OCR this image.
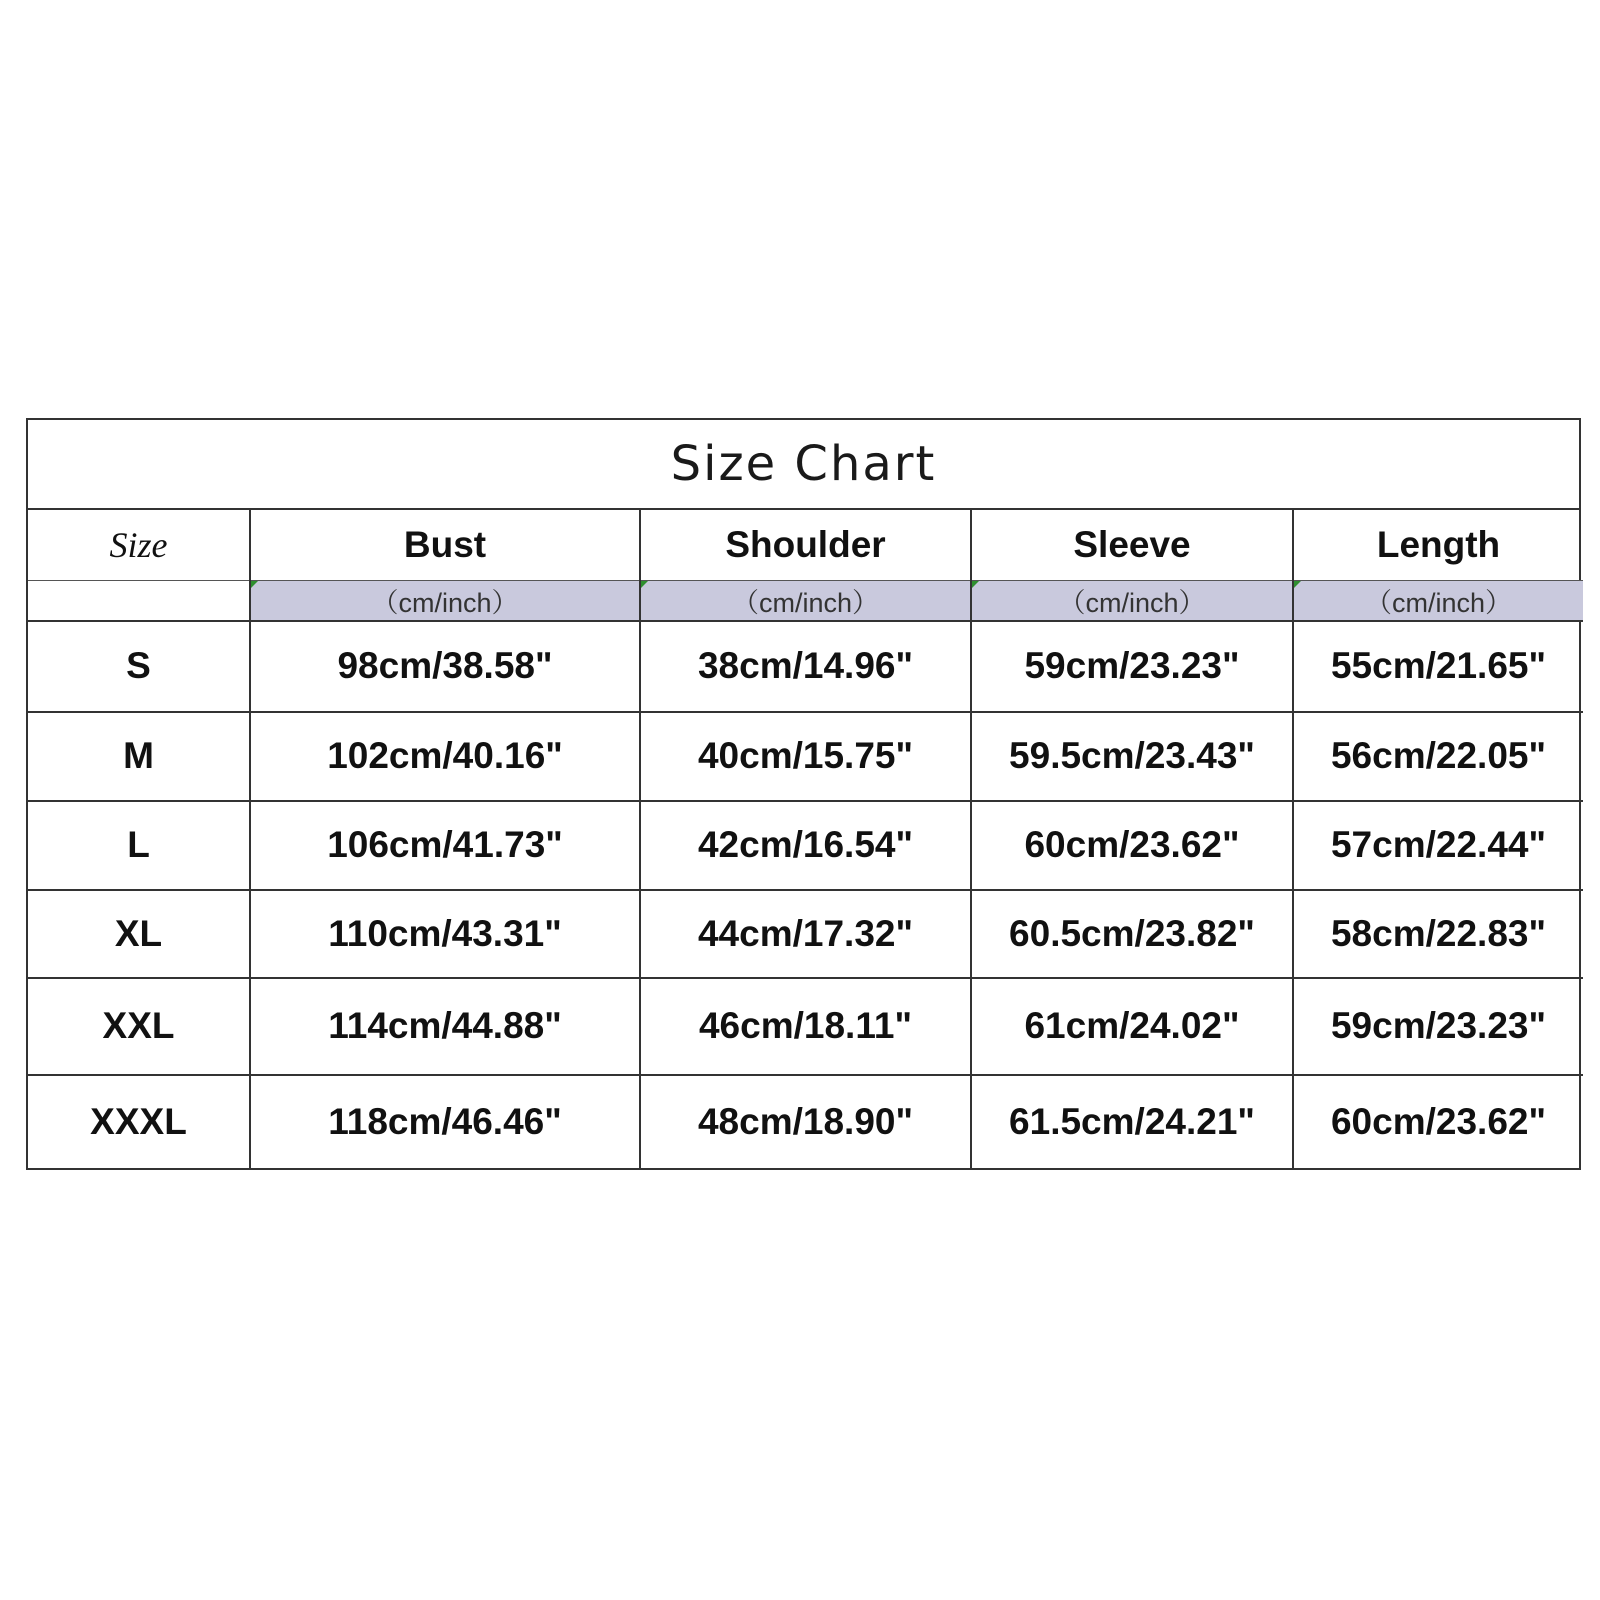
Size Chart
Size	Bust	Shoulder	Sleeve	Length
	（cm/inch）	（cm/inch）	（cm/inch）	（cm/inch）
S	98cm/38.58"	38cm/14.96"	59cm/23.23"	55cm/21.65"
M	102cm/40.16"	40cm/15.75"	59.5cm/23.43"	56cm/22.05"
L	106cm/41.73"	42cm/16.54"	60cm/23.62"	57cm/22.44"
XL	110cm/43.31"	44cm/17.32"	60.5cm/23.82"	58cm/22.83"
XXL	114cm/44.88"	46cm/18.11"	61cm/24.02"	59cm/23.23"
XXXL	118cm/46.46"	48cm/18.90"	61.5cm/24.21"	60cm/23.62"
